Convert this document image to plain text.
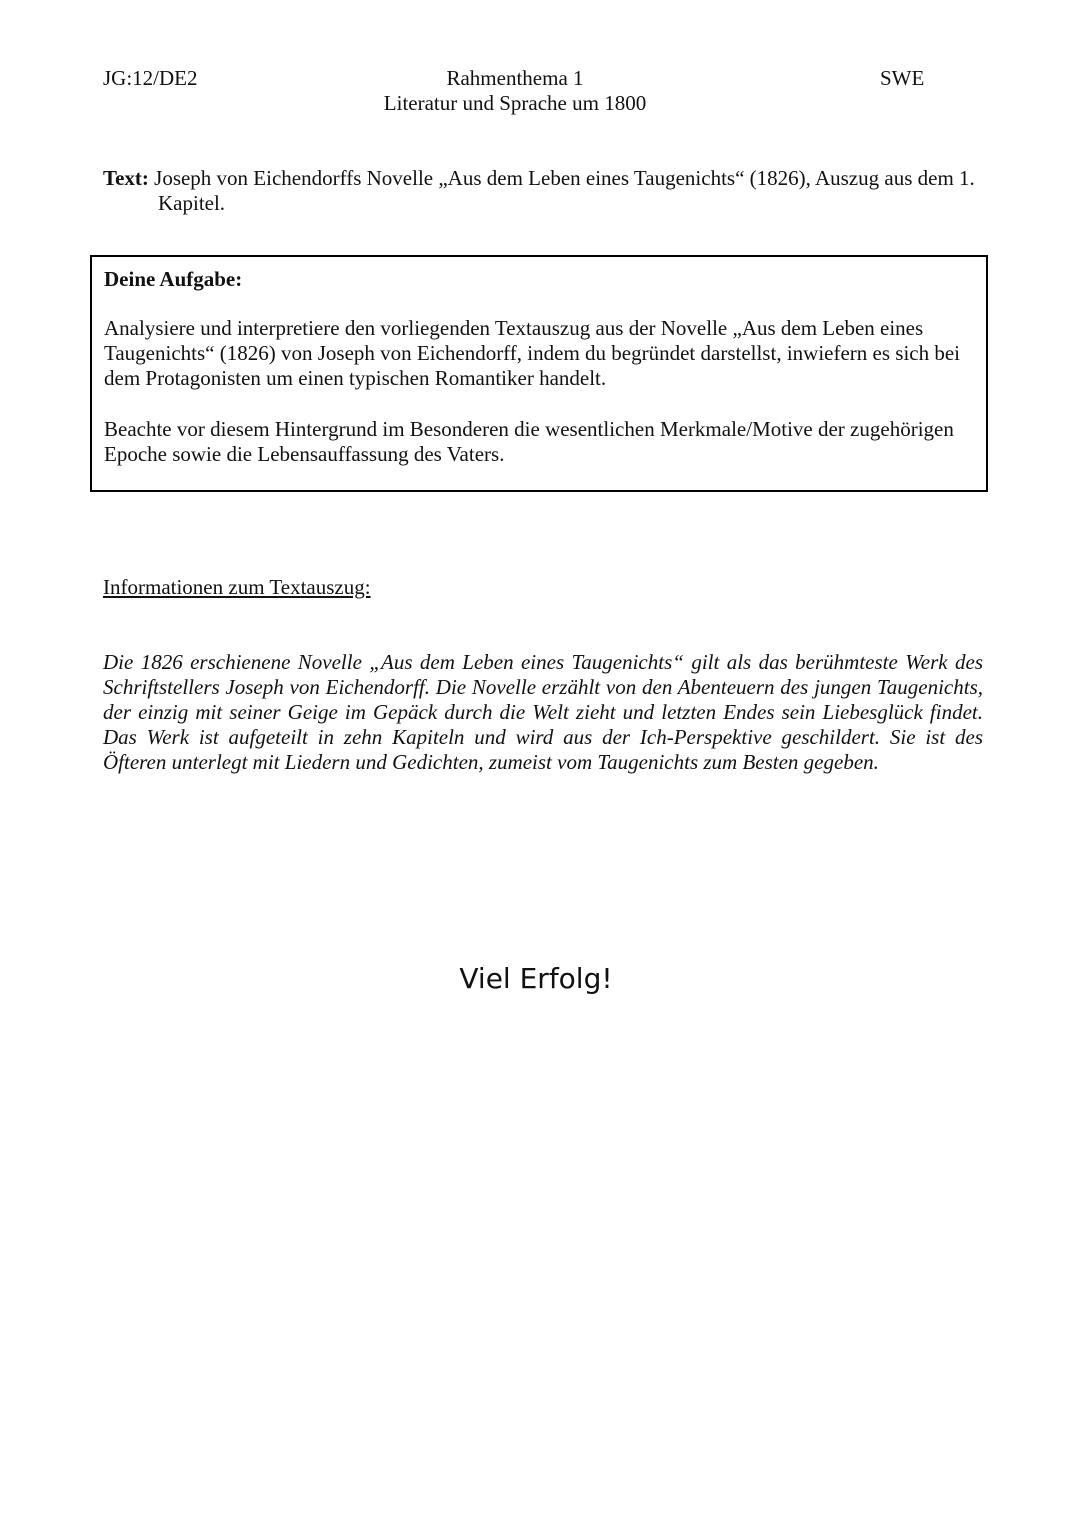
JG:12/DE2	Rahmenthema 1
Literatur und Sprache um 1800
SWE
Text: Joseph von Eichendorffs Novelle „Aus dem Leben eines Taugenichts“ (1826), Auszug aus dem 1. Kapitel.
Deine Aufgabe:
Analysiere und interpretiere den vorliegenden Textauszug aus der Novelle „Aus dem Leben eines Taugenichts“ (1826) von Joseph von Eichendorff, indem du begründet darstellst, inwiefern es sich bei dem Protagonisten um einen typischen Romantiker handelt.
Beachte vor diesem Hintergrund im Besonderen die wesentlichen Merkmale/Motive der zugehörigen Epoche sowie die Lebensauffassung des Vaters.
Informationen zum Textauszug:
Die 1826 erschienene Novelle „Aus dem Leben eines Taugenichts“ gilt als das berühmteste Werk des Schriftstellers Joseph von Eichendorff. Die Novelle erzählt von den Abenteuern des jungen Taugenichts, der einzig mit seiner Geige im Gepäck durch die Welt zieht und letzten Endes sein Liebesglück findet. Das Werk ist aufgeteilt in zehn Kapiteln und wird aus der Ich-Perspektive geschildert. Sie ist des Öfteren unterlegt mit Liedern und Gedichten, zumeist vom Taugenichts zum Besten gegeben.
Viel Erfolg!
